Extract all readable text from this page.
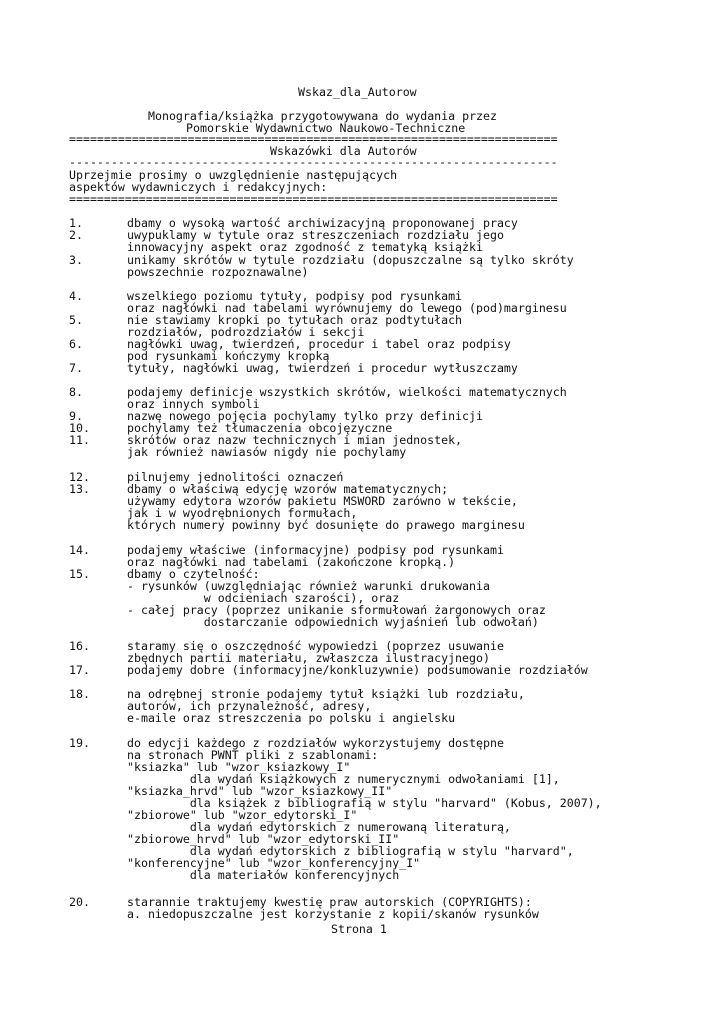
Wskaz_dla_Autorow
Monografia/książka przygotowywana do wydania przez
Pomorskie Wydawnictwo Naukowo-Techniczne
======================================================================
Wskazówki dla Autorów
----------------------------------------------------------------------
Uprzejmie prosimy o uwzględnienie następujących
aspektów wydawniczych i redakcyjnych:
======================================================================
1.	dbamy o wysoką wartość archiwizacyjną proponowanej pracy
2.	uwypuklamy w tytule oraz streszczeniach rozdziału jego
innowacyjny aspekt oraz zgodność z tematyką książki
3.	unikamy skrótów w tytule rozdziału (dopuszczalne są tylko skróty
powszechnie rozpoznawalne)
4.	wszelkiego poziomu tytuły, podpisy pod rysunkami
oraz nagłówki nad tabelami wyrównujemy do lewego (pod)marginesu
5.	nie stawiamy kropki po tytułach oraz podtytułach
rozdziałów, podrozdziałów i sekcji
6.	nagłówki uwag, twierdzeń, procedur i tabel oraz podpisy
pod rysunkami kończymy kropką
7.	tytuły, nagłówki uwag, twierdzeń i procedur wytłuszczamy
8.	podajemy definicje wszystkich skrótów, wielkości matematycznych
oraz innych symboli
9.	nazwę nowego pojęcia pochylamy tylko przy definicji
10.	pochylamy też tłumaczenia obcojęzyczne
11.	skrótów oraz nazw technicznych i mian jednostek,
jak również nawiasów nigdy nie pochylamy
12.	pilnujemy jednolitości oznaczeń
13.	dbamy o właściwą edycję wzorów matematycznych;
używamy edytora wzorów pakietu MSWORD zarówno w tekście,
jak i w wyodrębnionych formułach,
których numery powinny być dosunięte do prawego marginesu
14.	podajemy właściwe (informacyjne) podpisy pod rysunkami
oraz nagłówki nad tabelami (zakończone kropką.)
15.	dbamy o czytelność:
- rysunków (uwzględniając również warunki drukowania
w odcieniach szarości), oraz
- całej pracy (poprzez unikanie sformułowań żargonowych oraz
dostarczanie odpowiednich wyjaśnień lub odwołań)
16.	staramy się o oszczędność wypowiedzi (poprzez usuwanie
zbędnych partii materiału, zwłaszcza ilustracyjnego)
17.	podajemy dobre (informacyjne/konkluzywnie) podsumowanie rozdziałów
18.	na odrębnej stronie podajemy tytuł książki lub rozdziału,
autorów, ich przynależność, adresy,
e-maile oraz streszczenia po polsku i angielsku
19.	do edycji każdego z rozdziałów wykorzystujemy dostępne
na stronach PWNT pliki z szablonami:
"ksiazka" lub "wzor_ksiazkowy_I"
dla wydań książkowych z numerycznymi odwołaniami [1],
"ksiazka_hrvd" lub "wzor_ksiazkowy_II"
dla książek z bibliografią w stylu "harvard" (Kobus, 2007),
"zbiorowe" lub "wzor_edytorski_I"
dla wydań edytorskich z numerowaną literaturą,
"zbiorowe_hrvd" lub "wzor_edytorski_II"
dla wydań edytorskich z bibliografią w stylu "harvard",
"konferencyjne" lub "wzor_konferencyjny_I"
dla materiałów konferencyjnych
20.	starannie traktujemy kwestię praw autorskich (COPYRIGHTS):
a. niedopuszczalne jest korzystanie z kopii/skanów rysunków
Strona 1
